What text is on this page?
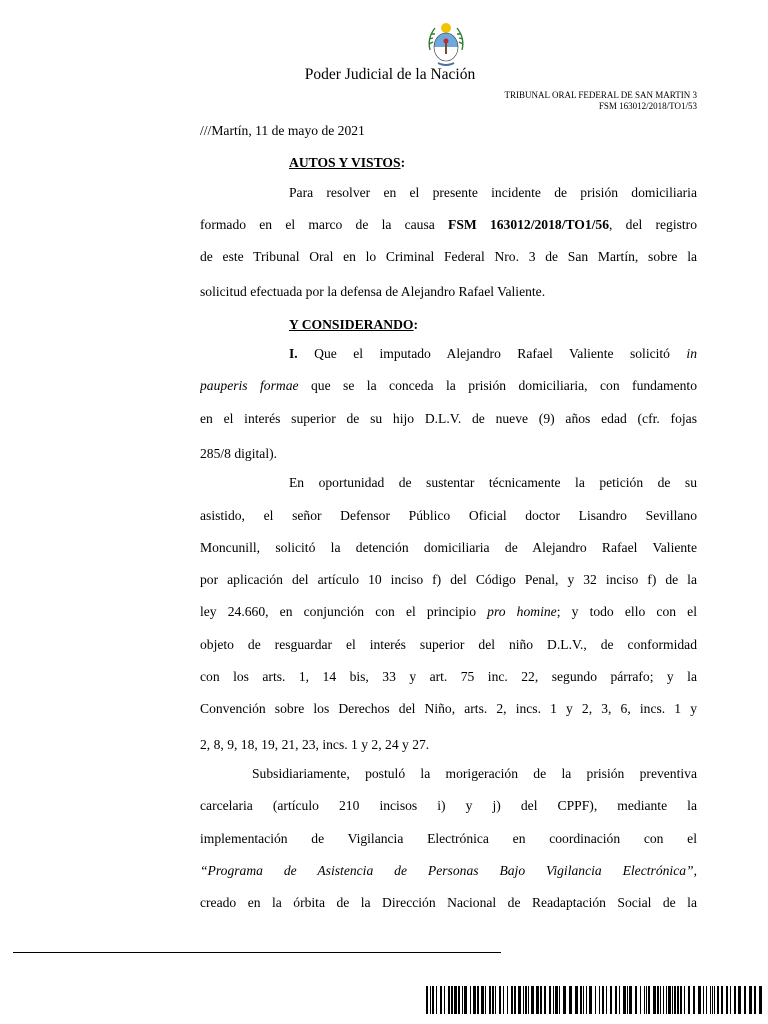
Poder Judicial de la Nación
TRIBUNAL ORAL FEDERAL DE SAN MARTIN 3
FSM 163012/2018/TO1/53
///Martín, 11 de mayo de 2021
AUTOS Y VISTOS:
Para resolver en el presente incidente de prisión domiciliaria
formado en el marco de la causa FSM 163012/2018/TO1/56, del registro
de este Tribunal Oral en lo Criminal Federal Nro. 3 de San Martín, sobre la
solicitud efectuada por la defensa de Alejandro Rafael Valiente.
Y CONSIDERANDO:
I. Que el imputado Alejandro Rafael Valiente solicitó in
pauperis formae que se la conceda la prisión domiciliaria, con fundamento
en el interés superior de su hijo D.L.V. de nueve (9) años edad (cfr. fojas
285/8 digital).
En oportunidad de sustentar técnicamente la petición de su
asistido, el señor Defensor Público Oficial doctor Lisandro Sevillano
Moncunill, solicitó la detención domiciliaria de Alejandro Rafael Valiente
por aplicación del artículo 10 inciso f) del Código Penal, y 32 inciso f) de la
ley 24.660, en conjunción con el principio pro homine; y todo ello con el
objeto de resguardar el interés superior del niño D.L.V., de conformidad
con los arts. 1, 14 bis, 33 y art. 75 inc. 22, segundo párrafo; y la
Convención sobre los Derechos del Niño, arts. 2, incs. 1 y 2, 3, 6, incs. 1 y
2, 8, 9, 18, 19, 21, 23, incs. 1 y 2, 24 y 27.
Subsidiariamente, postuló la morigeración de la prisión preventiva
carcelaria (artículo 210 incisos i) y j) del CPPF), mediante la
implementación de Vigilancia Electrónica en coordinación con el
“Programa de Asistencia de Personas Bajo Vigilancia Electrónica”,
creado en la órbita de la Dirección Nacional de Readaptación Social de la
